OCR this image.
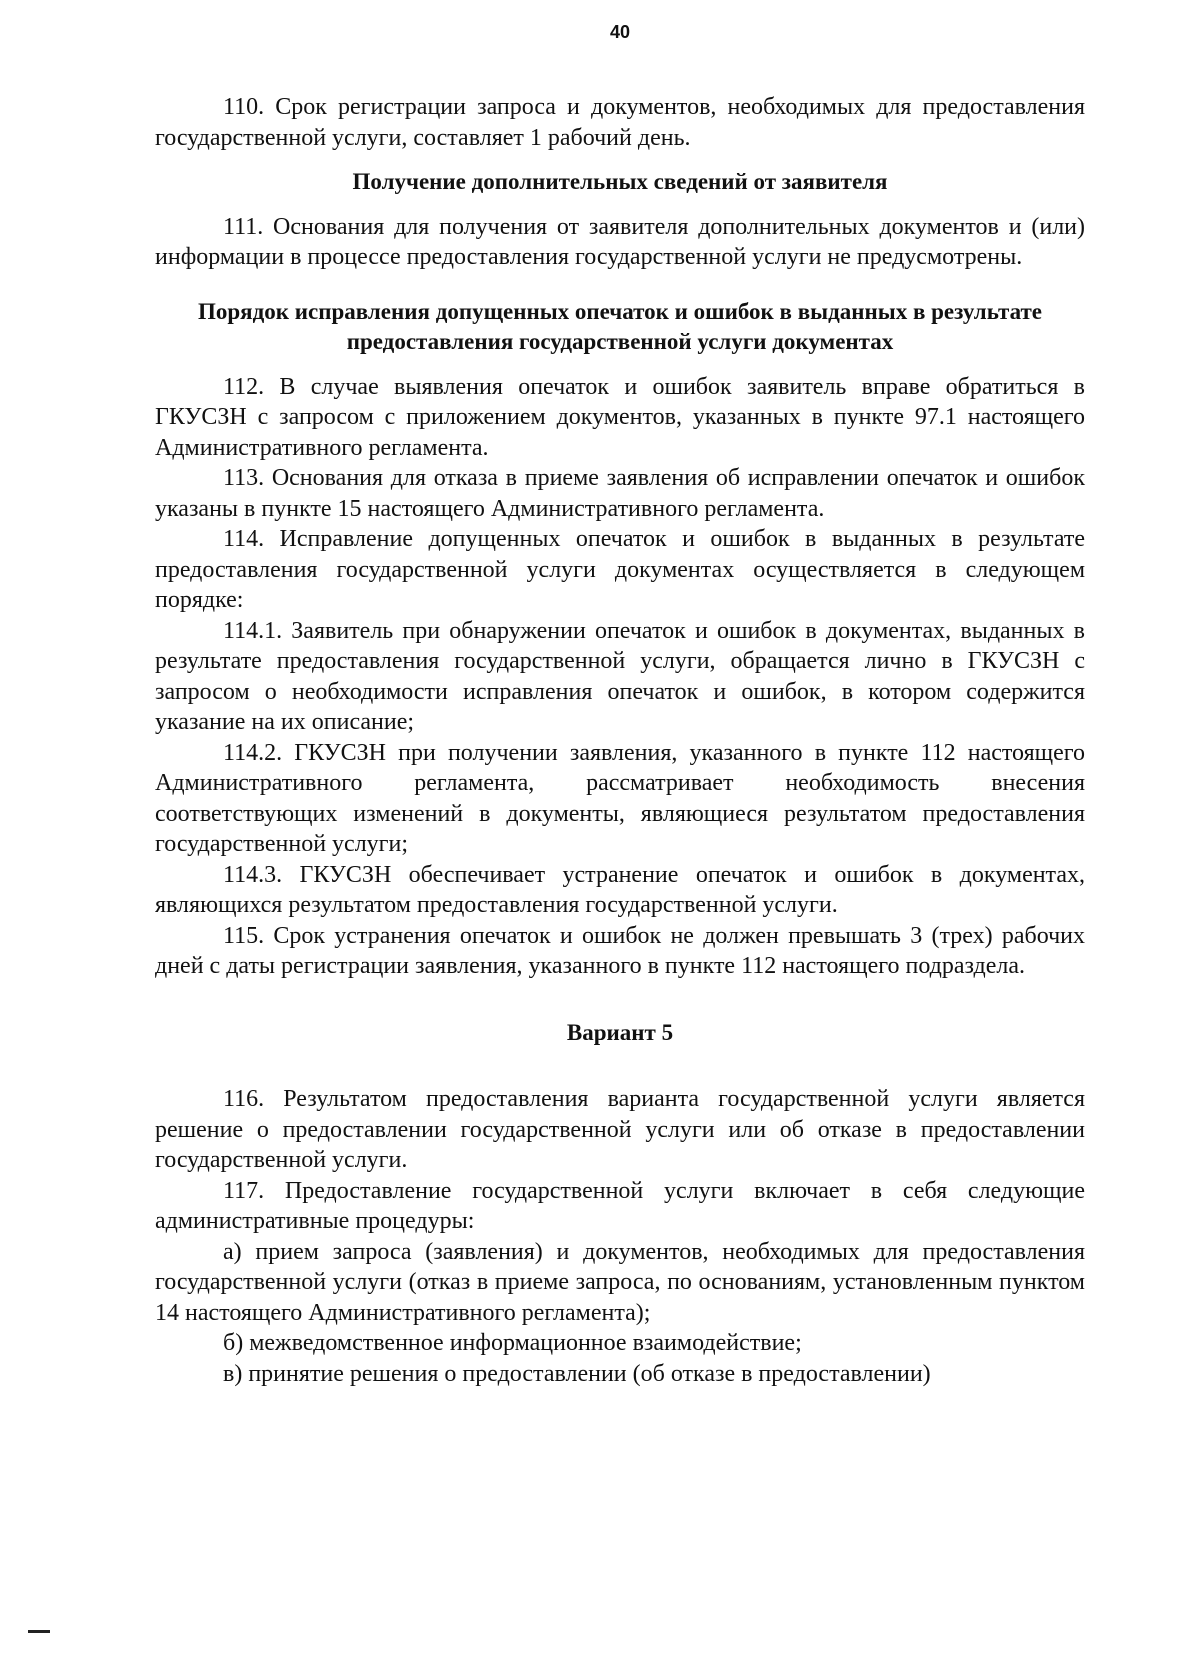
40

110. Срок регистрации запроса и документов, необходимых для предоставления государственной услуги, составляет 1 рабочий день.

Получение дополнительных сведений от заявителя

111. Основания для получения от заявителя дополнительных документов и (или) информации в процессе предоставления государственной услуги не предусмотрены.

Порядок исправления допущенных опечаток и ошибок в выданных в результате предоставления государственной услуги документах

112. В случае выявления опечаток и ошибок заявитель вправе обратиться в ГКУСЗН с запросом с приложением документов, указанных в пункте 97.1 настоящего Административного регламента.

113. Основания для отказа в приеме заявления об исправлении опечаток и ошибок указаны в пункте 15 настоящего Административного регламента.

114. Исправление допущенных опечаток и ошибок в выданных в результате предоставления государственной услуги документах осуществляется в следующем порядке:

114.1. Заявитель при обнаружении опечаток и ошибок в документах, выданных в результате предоставления государственной услуги, обращается лично в ГКУСЗН с запросом о необходимости исправления опечаток и ошибок, в котором содержится указание на их описание;

114.2. ГКУСЗН при получении заявления, указанного в пункте 112 настоящего Административного регламента, рассматривает необходимость внесения соответствующих изменений в документы, являющиеся результатом предоставления государственной услуги;

114.3. ГКУСЗН обеспечивает устранение опечаток и ошибок в документах, являющихся результатом предоставления государственной услуги.

115. Срок устранения опечаток и ошибок не должен превышать 3 (трех) рабочих дней с даты регистрации заявления, указанного в пункте 112 настоящего подраздела.

Вариант 5

116. Результатом предоставления варианта государственной услуги является решение о предоставлении государственной услуги или об отказе в предоставлении государственной услуги.

117. Предоставление государственной услуги включает в себя следующие административные процедуры:

а) прием запроса (заявления) и документов, необходимых для предоставления государственной услуги (отказ в приеме запроса, по основаниям, установленным пунктом 14 настоящего Административного регламента);

б) межведомственное информационное взаимодействие;

в) принятие решения о предоставлении (об отказе в предоставлении)
